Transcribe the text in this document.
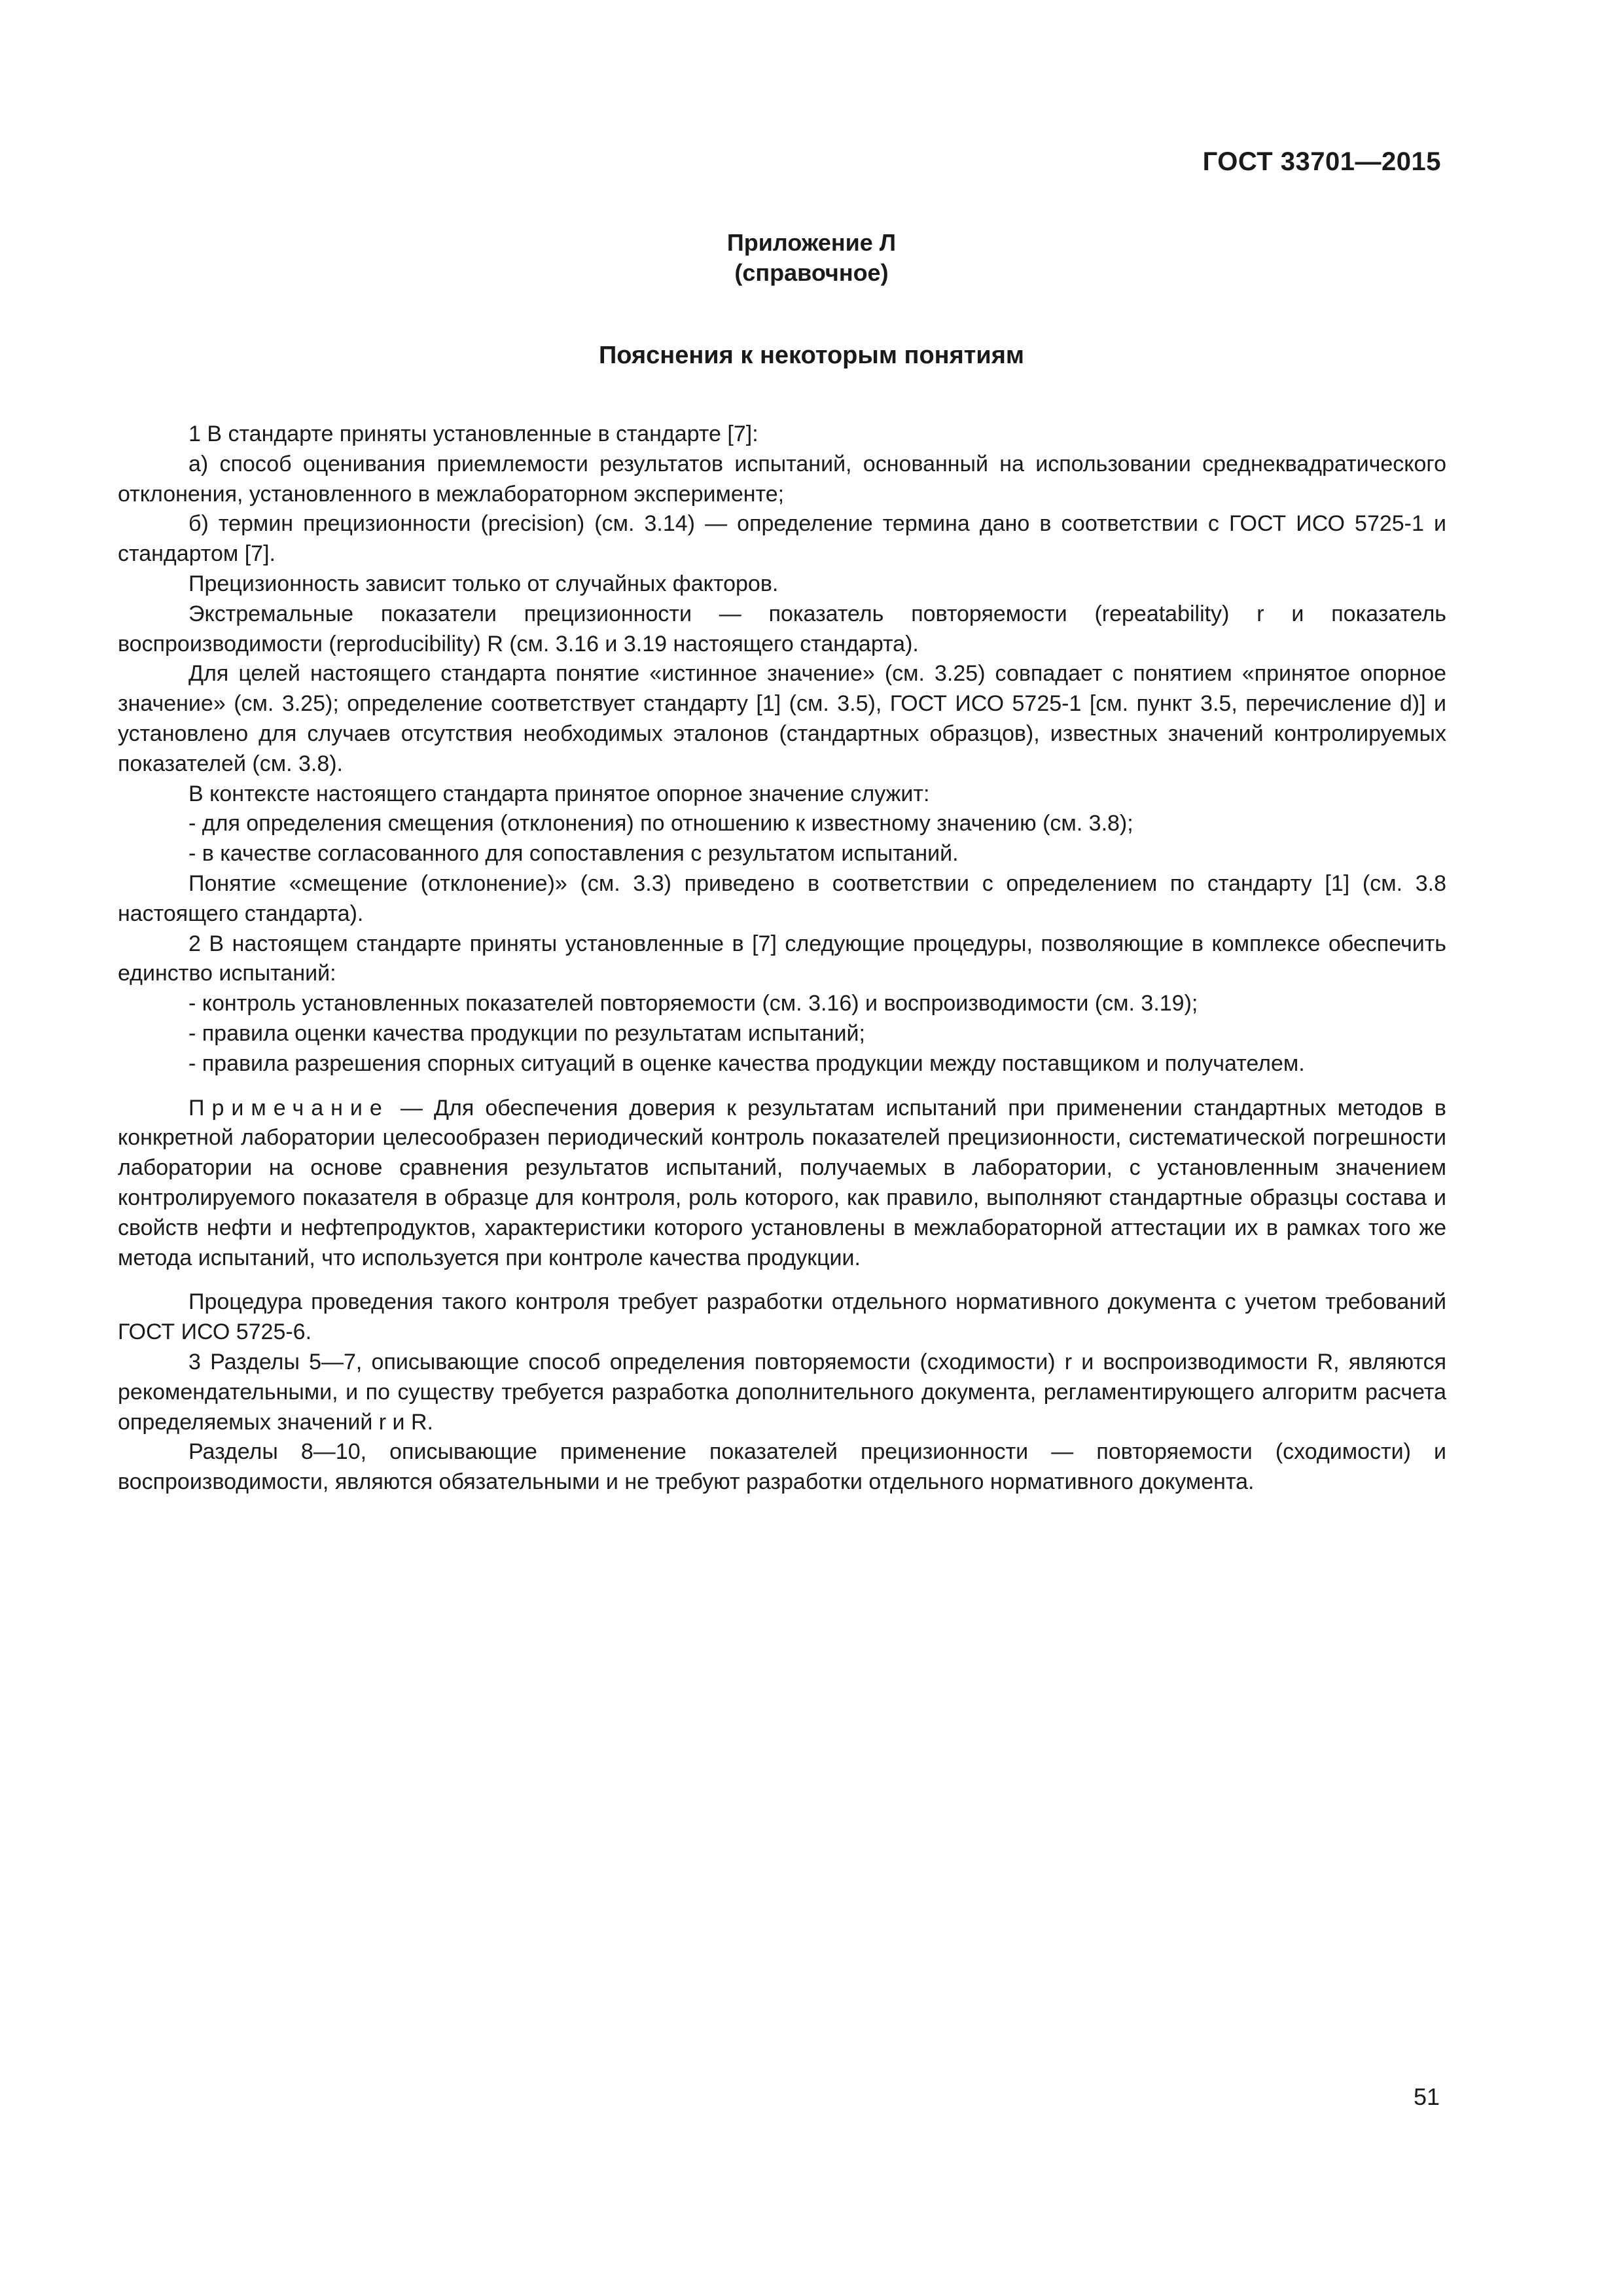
ГОСТ 33701—2015
Приложение Л
(справочное)
Пояснения к некоторым понятиям

1 В стандарте приняты установленные в стандарте [7]:

а) способ оценивания приемлемости результатов испытаний, основанный на использовании среднеквадратического отклонения, установленного в межлабораторном эксперименте;

б) термин прецизионности (precision) (см. 3.14) — определение термина дано в соответствии с ГОСТ ИСО 5725-1 и стандартом [7].

Прецизионность зависит только от случайных факторов.

Экстремальные показатели прецизионности — показатель повторяемости (repeatability) r и показатель воспроизводимости (reproducibility) R (см. 3.16 и 3.19 настоящего стандарта).

Для целей настоящего стандарта понятие «истинное значение» (см. 3.25) совпадает с понятием «принятое опорное значение» (см. 3.25); определение соответствует стандарту [1] (см. 3.5), ГОСТ ИСО 5725-1 [см. пункт 3.5, перечисление d)] и установлено для случаев отсутствия необходимых эталонов (стандартных образцов), известных значений контролируемых показателей (см. 3.8).

В контексте настоящего стандарта принятое опорное значение служит:

- для определения смещения (отклонения) по отношению к известному значению (см. 3.8);

- в качестве согласованного для сопоставления с результатом испытаний.

Понятие «смещение (отклонение)» (см. 3.3) приведено в соответствии с определением по стандарту [1] (см. 3.8 настоящего стандарта).

2 В настоящем стандарте приняты установленные в [7] следующие процедуры, позволяющие в комплексе обеспечить единство испытаний:

- контроль установленных показателей повторяемости (см. 3.16) и воспроизводимости (см. 3.19);

- правила оценки качества продукции по результатам испытаний;

- правила разрешения спорных ситуаций в оценке качества продукции между поставщиком и получателем.

Примечание — Для обеспечения доверия к результатам испытаний при применении стандартных методов в конкретной лаборатории целесообразен периодический контроль показателей прецизионности, систематической погрешности лаборатории на основе сравнения результатов испытаний, получаемых в лаборатории, с установленным значением контролируемого показателя в образце для контроля, роль которого, как правило, выполняют стандартные образцы состава и свойств нефти и нефтепродуктов, характеристики которого установлены в межлабораторной аттестации их в рамках того же метода испытаний, что используется при контроле качества продукции.

Процедура проведения такого контроля требует разработки отдельного нормативного документа с учетом требований ГОСТ ИСО 5725-6.

3 Разделы 5—7, описывающие способ определения повторяемости (сходимости) r и воспроизводимости R, являются рекомендательными, и по существу требуется разработка дополнительного документа, регламентирующего алгоритм расчета определяемых значений r и R.

Разделы 8—10, описывающие применение показателей прецизионности — повторяемости (сходимости) и воспроизводимости, являются обязательными и не требуют разработки отдельного нормативного документа.

51
